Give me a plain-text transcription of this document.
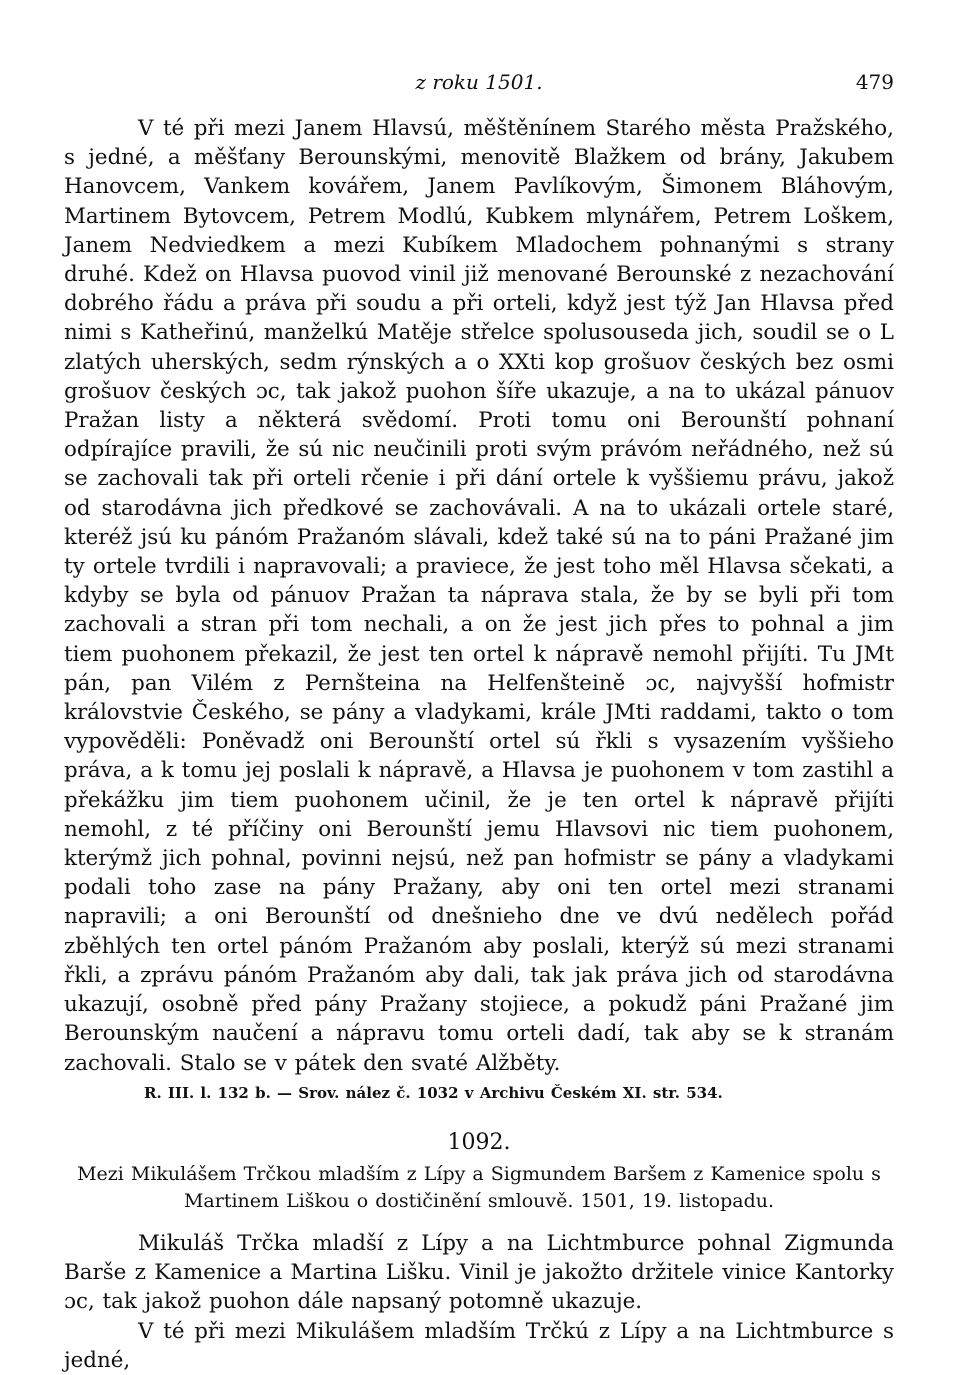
z roku 1501.	479

V té při mezi Janem Hlavsú, měštěnínem Starého města Pražského, s jedné, a měšťany Berounskými, menovitě Blažkem od brány, Jakubem Hanovcem, Vankem kovářem, Janem Pavlíkovým, Šimonem Bláhovým, Martinem Bytovcem, Petrem Modlú, Kubkem mlynářem, Petrem Loškem, Janem Nedviedkem a mezi Kubíkem Mladochem pohnanými s strany druhé. Kdež on Hlavsa puovod vinil již menované Berounské z nezachování dobrého řádu a práva při soudu a při orteli, když jest týž Jan Hlavsa před nimi s Katheřinú, manželkú Matěje střelce spolusouseda jich, soudil se o L zlatých uherských, sedm rýnských a o XXti kop grošuov českých bez osmi grošuov českých ɔc, tak jakož puohon šíře ukazuje, a na to ukázal pánuov Pražan listy a některá svědomí. Proti tomu oni Berounští pohnaní odpírajíce pravili, že sú nic neučinili proti svým právóm neřádného, než sú se zachovali tak při orteli rčenie i při dání ortele k vyššiemu právu, jakož od starodávna jich předkové se zachovávali. A na to ukázali ortele staré, kteréž jsú ku pánóm Pražanóm slávali, kdež také sú na to páni Pražané jim ty ortele tvrdili i napravovali; a praviece, že jest toho měl Hlavsa sčekati, a kdyby se byla od pánuov Pražan ta náprava stala, že by se byli při tom zachovali a stran při tom nechali, a on že jest jich přes to pohnal a jim tiem puohonem překazil, že jest ten ortel k nápravě nemohl přijíti. Tu JMt pán, pan Vilém z Pernšteina na Helfenšteině ɔc, najvyšší hofmistr královstvie Českého, se pány a vladykami, krále JMti raddami, takto o tom vypověděli: Poněvadž oni Berounští ortel sú řkli s vysazením vyššieho práva, a k tomu jej poslali k nápravě, a Hlavsa je puohonem v tom zastihl a překážku jim tiem puohonem učinil, že je ten ortel k nápravě přijíti nemohl, z té příčiny oni Berounští jemu Hlavsovi nic tiem puohonem, kterýmž jich pohnal, povinni nejsú, než pan hofmistr se pány a vladykami podali toho zase na pány Pražany, aby oni ten ortel mezi stranami napravili; a oni Berounští od dnešnieho dne ve dvú nedělech pořád zběhlých ten ortel pánóm Pražanóm aby poslali, kterýž sú mezi stranami řkli, a zprávu pánóm Pražanóm aby dali, tak jak práva jich od starodávna ukazují, osobně před pány Pražany stojiece, a pokudž páni Pražané jim Berounským naučení a nápravu tomu orteli dadí, tak aby se k stranám zachovali. Stalo se v pátek den svaté Alžběty.

R. III. l. 132 b. — Srov. nález č. 1032 v Archivu Českém XI. str. 534.

1092.

Mezi Mikulášem Trčkou mladším z Lípy a Sigmundem Baršem z Kamenice spolu s Martinem Liškou o dostičinění smlouvě. 1501, 19. listopadu.

Mikuláš Trčka mladší z Lípy a na Lichtmburce pohnal Zigmunda Barše z Kamenice a Martina Lišku. Vinil je jakožto držitele vinice Kantorky ɔc, tak jakož puohon dále napsaný potomně ukazuje.

V té při mezi Mikulášem mladším Trčkú z Lípy a na Lichtmburce s jedné,
